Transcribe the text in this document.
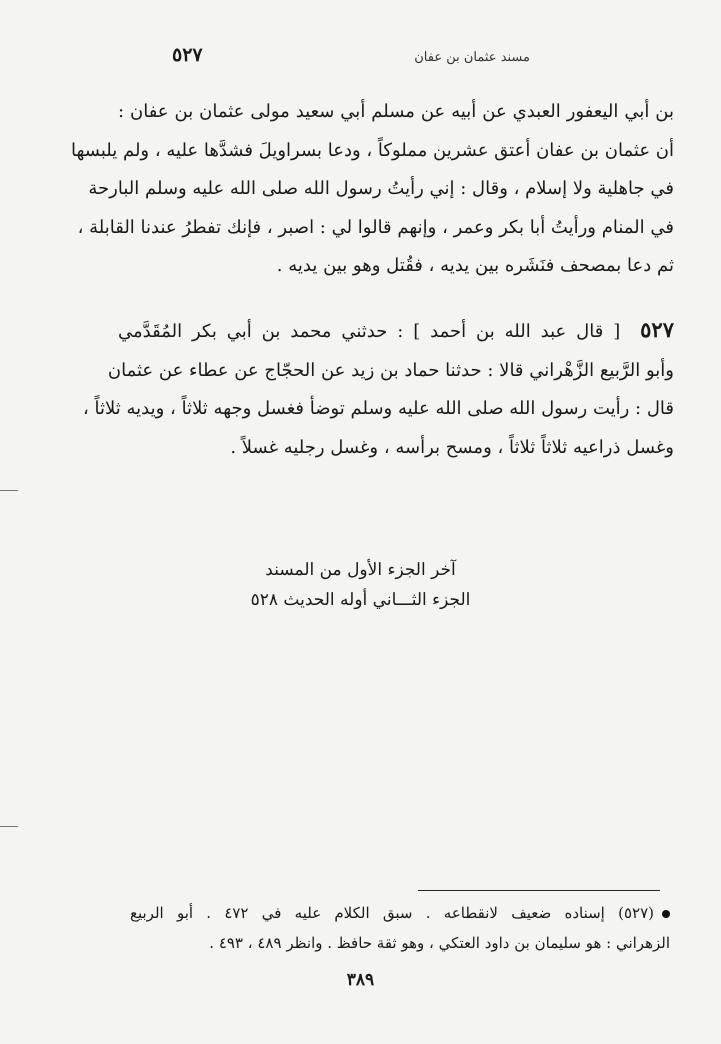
مسند عثمان بن عفان
٥٢٧
بن أبي اليعفور العبدي عن أبيه عن مسلم أبي سعيد مولى عثمان بن عفان :
أن عثمان بن عفان أعتق عشرين مملوكاً ، ودعا بسراويلَ فشدَّها عليه ، ولم يلبسها
في جاهلية ولا إسلام ، وقال : إني رأيتُ رسول الله صلى الله عليه وسلم البارحة
في المنام ورأيتُ أبا بكر وعمر ، وإنهم قالوا لي : اصبر ، فإنك تفطرُ عندنا القابلة ،
ثم دعا بمصحف فنَشَره بين يديه ، فقُتل وهو بين يديه .
٥٢٧ [ قال عبد الله بن أحمد ] : حدثني محمد بن أبي بكر المُقَدَّمي
وأبو الرَّبيع الزَّهْراني قالا : حدثنا حماد بن زيد عن الحجّاج عن عطاء عن عثمان
قال : رأيت رسول الله صلى الله عليه وسلم توضأ فغسل وجهه ثلاثاً ، ويديه ثلاثاً ،
وغسل ذراعيه ثلاثاً ثلاثاً ، ومسح برأسه ، وغسل رجليه غسلاً .
آخر الجزء الأول من المسند
الجزء الثـــاني أوله الحديث ٥٢٨
(٥٢٧) إسناده ضعيف لانقطاعه . سبق الكلام عليه في ٤٧٢ . أبو الربيع
الزهراني : هو سليمان بن داود العتكي ، وهو ثقة حافظ . وانظر ٤٨٩ ، ٤٩٣ .
٣٨٩
